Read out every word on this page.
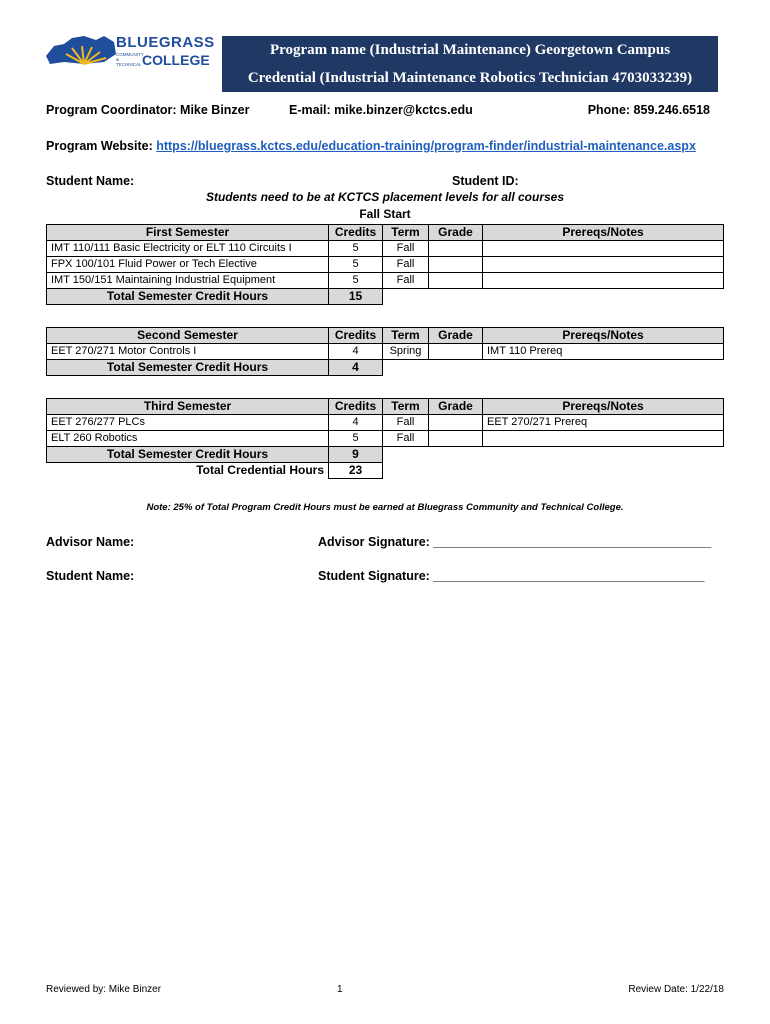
BLUEGRASS
COMMUNITY & TECHNICAL COLLEGE
Program name (Industrial Maintenance) Georgetown Campus
Credential (Industrial Maintenance Robotics Technician 4703033239)
Program Coordinator: Mike Binzer	E-mail: mike.binzer@kctcs.edu	Phone: 859.246.6518
Program Website: https://bluegrass.kctcs.edu/education-training/program-finder/industrial-maintenance.aspx
Student Name:	Student ID:
Students need to be at KCTCS placement levels for all courses
Fall Start
First Semester	Credits	Term	Grade	Prereqs/Notes
IMT 110/111 Basic Electricity or ELT 110 Circuits I	5	Fall		
FPX 100/101 Fluid Power or Tech Elective	5	Fall		
IMT 150/151 Maintaining Industrial Equipment	5	Fall		
Total Semester Credit Hours	15			
Second Semester	Credits	Term	Grade	Prereqs/Notes
EET 270/271 Motor Controls I	4	Spring		IMT 110 Prereq
Total Semester Credit Hours	4			
Third Semester	Credits	Term	Grade	Prereqs/Notes
EET 276/277 PLCs	4	Fall		EET 270/271 Prereq
ELT 260 Robotics	5	Fall		
Total Semester Credit Hours	9			
Total Credential Hours	23			
Note: 25% of Total Program Credit Hours must be earned at Bluegrass Community and Technical College.
Advisor Name:	Advisor Signature: ________________________________________
Student Name:	Student Signature: _______________________________________
Reviewed by: Mike Binzer	1	Review Date: 1/22/18
